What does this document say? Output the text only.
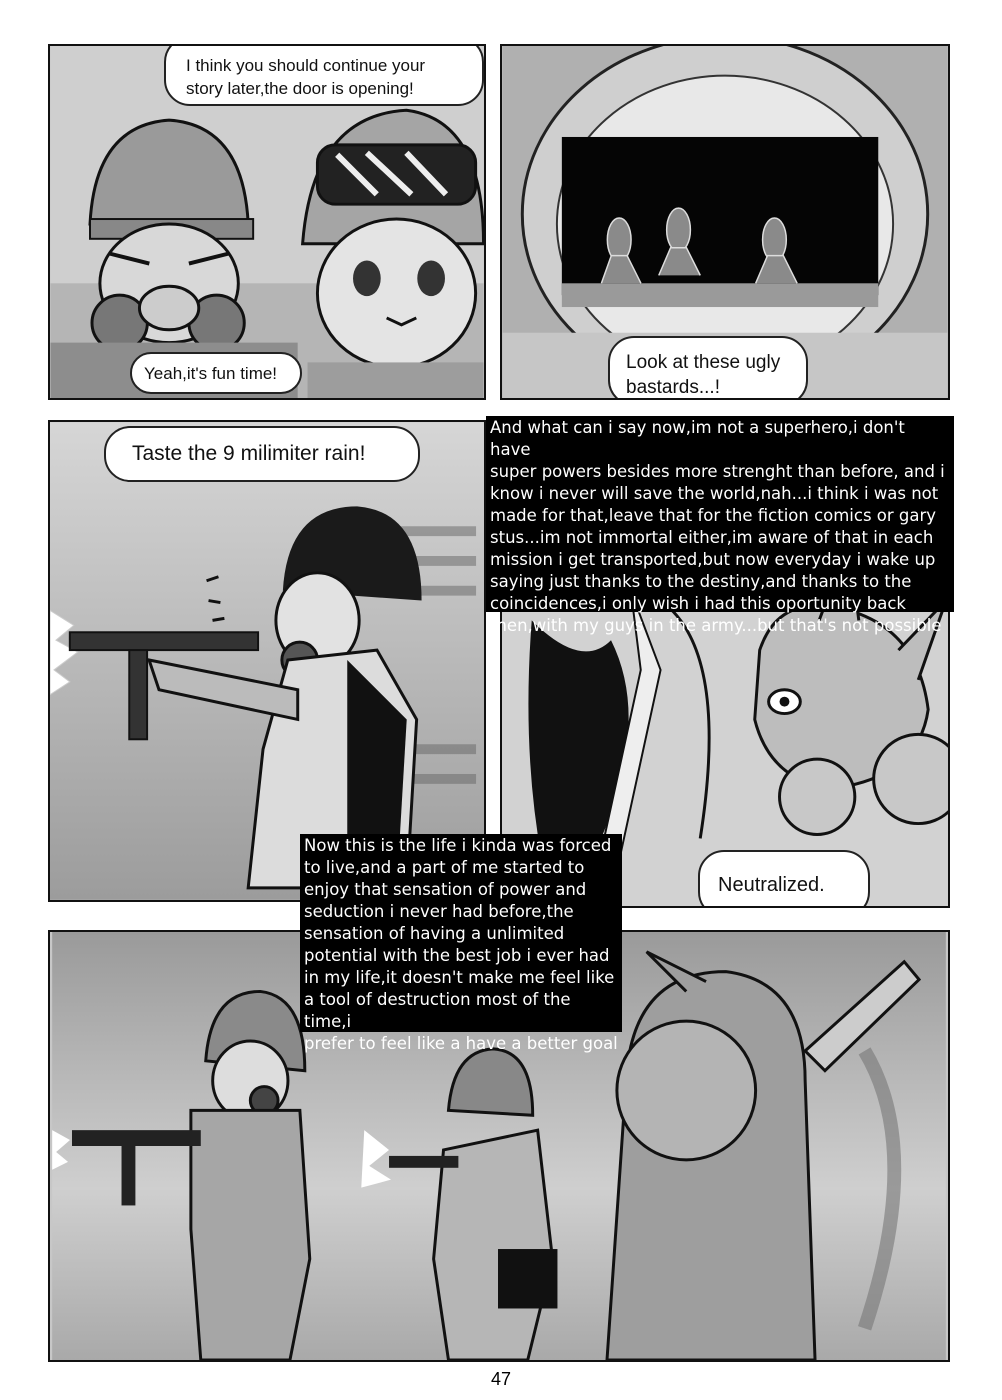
I think you should continue your
story later,the door is opening!
Yeah,it's fun time!
Look at these ugly
bastards...!
Taste the 9 milimiter rain!
Neutralized.
And what can i say now,im not a superhero,i don't have
super powers besides more strenght than before, and i
know i never will save the world,nah...i think i was not
made for that,leave that for the fiction comics or gary
stus...im not immortal either,im aware of that in each
mission i get transported,but now everyday i wake up
saying just thanks to the destiny,and thanks to the
coincidences,i only wish i had this oportunity back
then,with my guys in the army...but that's not possible
Now this is the life i kinda was forced
to live,and a part of me started to
enjoy that sensation of power and
seduction i never had before,the
sensation of having a unlimited
potential with the best job i ever had
in my life,it doesn't make me feel like
a tool of destruction most of the time,i
prefer to feel like a have a better goal
47
